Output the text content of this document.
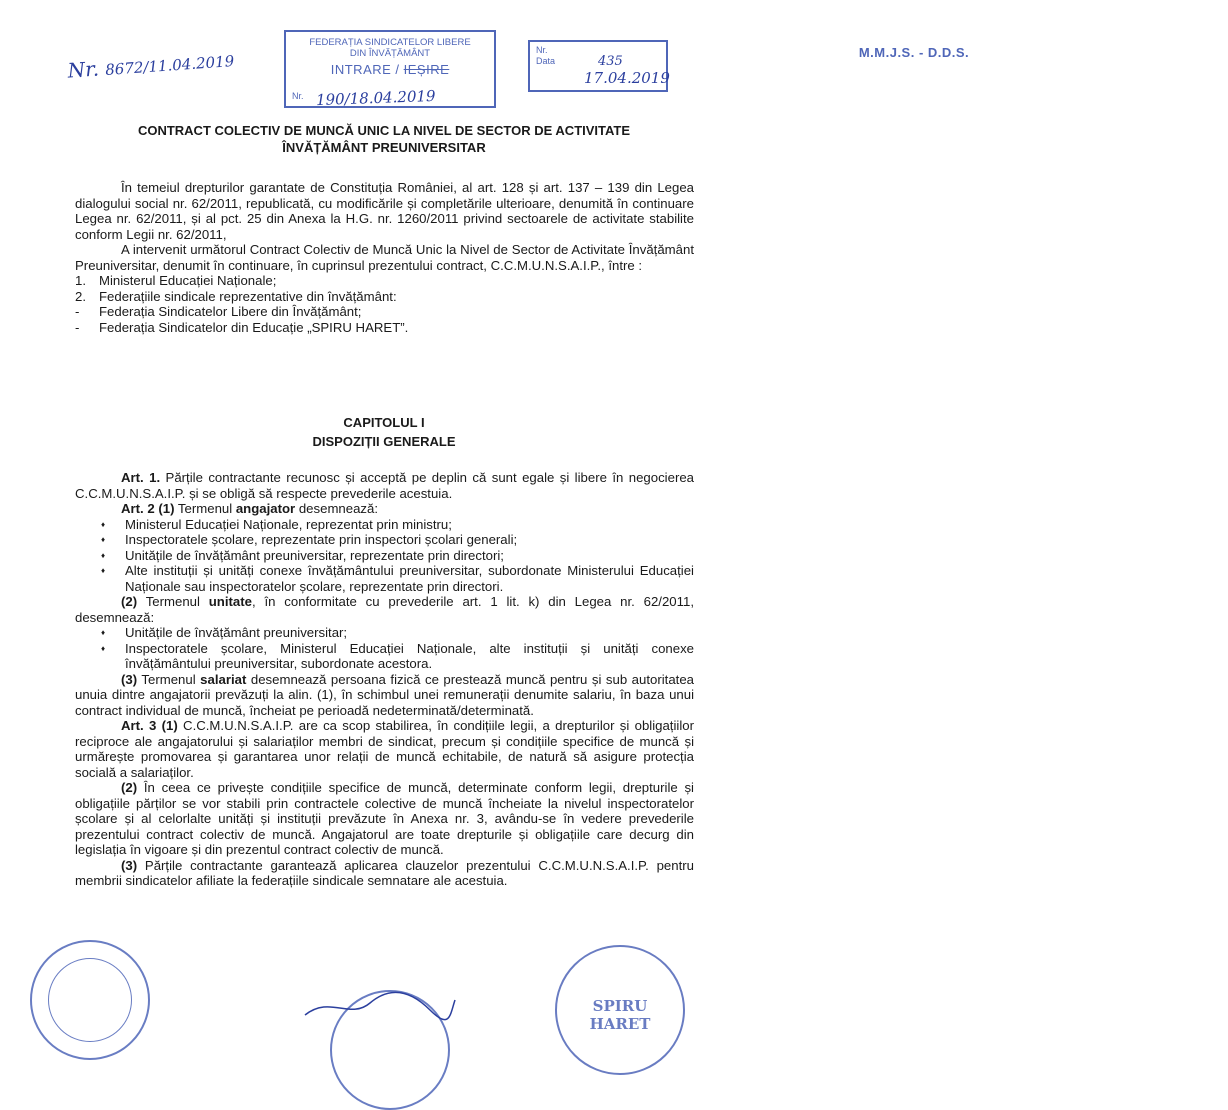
Nr. 8672/11.04.2019
FEDERAȚIA SINDICATELOR LIBERE
DIN ÎNVĂȚĂMÂNT
INTRARE / IEȘIRE
Nr. 190/18.04.2019
M.M.J.S. - D.D.S.
Nr.
Data	435
17.04.2019
CONTRACT COLECTIV DE MUNCĂ UNIC LA NIVEL DE SECTOR DE ACTIVITATE
ÎNVĂȚĂMÂNT PREUNIVERSITAR

În temeiul drepturilor garantate de Constituția României, al art. 128 și art. 137 – 139 din Legea dialogului social nr. 62/2011, republicată, cu modificările și completările ulterioare, denumită în continuare Legea nr. 62/2011, și al pct. 25 din Anexa la H.G. nr. 1260/2011 privind sectoarele de activitate stabilite conform Legii nr. 62/2011,

A intervenit următorul Contract Colectiv de Muncă Unic la Nivel de Sector de Activitate Învățământ Preuniversitar, denumit în continuare, în cuprinsul prezentului contract, C.C.M.U.N.S.A.I.P., între :

1. Ministerul Educației Naționale;
2. Federațiile sindicale reprezentative din învățământ:
- Federația Sindicatelor Libere din Învățământ;
- Federația Sindicatelor din Educație „SPIRU HARET”.
CAPITOLUL I
DISPOZIȚII GENERALE

Art. 1. Părțile contractante recunosc și acceptă pe deplin că sunt egale și libere în negocierea C.C.M.U.N.S.A.I.P. și se obligă să respecte prevederile acestuia.

Art. 2 (1) Termenul angajator desemnează:

♦ Ministerul Educației Naționale, reprezentat prin ministru;
♦ Inspectoratele școlare, reprezentate prin inspectori școlari generali;
♦ Unitățile de învățământ preuniversitar, reprezentate prin directori;
♦ Alte instituții și unități conexe învățământului preuniversitar, subordonate Ministerului Educației Naționale sau inspectoratelor școlare, reprezentate prin directori.

(2) Termenul unitate, în conformitate cu prevederile art. 1 lit. k) din Legea nr. 62/2011, desemnează:

♦ Unitățile de învățământ preuniversitar;
♦ Inspectoratele școlare, Ministerul Educației Naționale, alte instituții și unități conexe învățământului preuniversitar, subordonate acestora.

(3) Termenul salariat desemnează persoana fizică ce prestează muncă pentru și sub autoritatea unuia dintre angajatorii prevăzuți la alin. (1), în schimbul unei remunerații denumite salariu, în baza unui contract individual de muncă, încheiat pe perioadă nedeterminată/determinată.

Art. 3 (1) C.C.M.U.N.S.A.I.P. are ca scop stabilirea, în condițiile legii, a drepturilor și obligațiilor reciproce ale angajatorului și salariaților membri de sindicat, precum și condițiile specifice de muncă și urmărește promovarea și garantarea unor relații de muncă echitabile, de natură să asigure protecția socială a salariaților.

(2) În ceea ce privește condițiile specifice de muncă, determinate conform legii, drepturile și obligațiile părților se vor stabili prin contractele colective de muncă încheiate la nivelul inspectoratelor școlare și al celorlalte unități și instituții prevăzute în Anexa nr. 3, avându-se în vedere prevederile prezentului contract colectiv de muncă. Angajatorul are toate drepturile și obligațiile care decurg din legislația în vigoare și din prezentul contract colectiv de muncă.

(3) Părțile contractante garantează aplicarea clauzelor prezentului C.C.M.U.N.S.A.I.P. pentru membrii sindicatelor afiliate la federațiile sindicale semnatare ale acestuia.

SPIRU
HARET
